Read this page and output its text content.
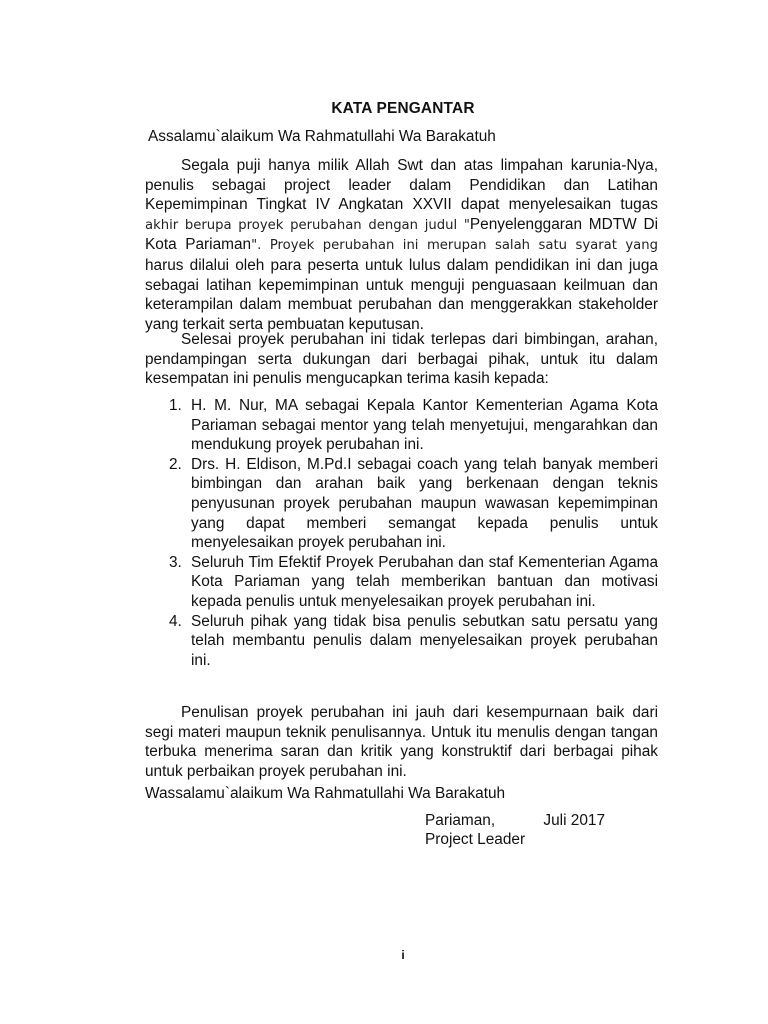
KATA PENGANTAR

Assalamu`alaikum Wa Rahmatullahi Wa Barakatuh

Segala puji hanya milik Allah Swt dan atas limpahan karunia-Nya, penulis sebagai project leader dalam Pendidikan dan Latihan Kepemimpinan Tingkat IV Angkatan XXVII dapat menyelesaikan tugas akhir berupa proyek perubahan dengan judul "Penyelenggaran MDTW Di Kota Pariaman". Proyek perubahan ini merupan salah satu syarat yang harus dilalui oleh para peserta untuk lulus dalam pendidikan ini dan juga sebagai latihan kepemimpinan untuk menguji penguasaan keilmuan dan keterampilan dalam membuat perubahan dan menggerakkan stakeholder yang terkait serta pembuatan keputusan.

Selesai proyek perubahan ini tidak terlepas dari bimbingan, arahan, pendampingan serta dukungan dari berbagai pihak, untuk itu dalam kesempatan ini penulis mengucapkan terima kasih kepada:

1. H. M. Nur, MA sebagai Kepala Kantor Kementerian Agama Kota Pariaman sebagai mentor yang telah menyetujui, mengarahkan dan mendukung proyek perubahan ini.
2. Drs. H. Eldison, M.Pd.I sebagai coach yang telah banyak memberi bimbingan dan arahan baik yang berkenaan dengan teknis penyusunan proyek perubahan maupun wawasan kepemimpinan yang dapat memberi semangat kepada penulis untuk menyelesaikan proyek perubahan ini.
3. Seluruh Tim Efektif Proyek Perubahan dan staf Kementerian Agama Kota Pariaman yang telah memberikan bantuan dan motivasi kepada penulis untuk menyelesaikan proyek perubahan ini.
4. Seluruh pihak yang tidak bisa penulis sebutkan satu persatu yang telah membantu penulis dalam menyelesaikan proyek perubahan ini.

Penulisan proyek perubahan ini jauh dari kesempurnaan baik dari segi materi maupun teknik penulisannya. Untuk itu menulis dengan tangan terbuka menerima saran dan kritik yang konstruktif dari berbagai pihak untuk perbaikan proyek perubahan ini.

Wassalamu`alaikum Wa Rahmatullahi Wa Barakatuh

Pariaman,	Juli 2017
Project Leader
i
